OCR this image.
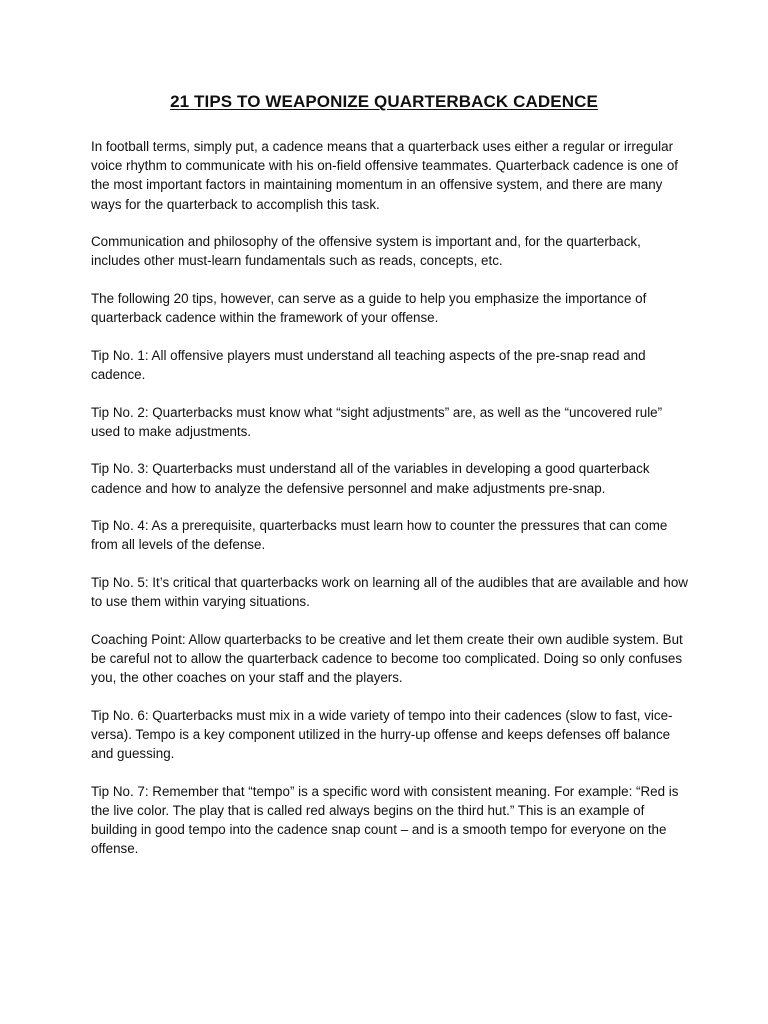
21 TIPS TO WEAPONIZE QUARTERBACK CADENCE

In football terms, simply put, a cadence means that a quarterback uses either a regular or irregular voice rhythm to communicate with his on-field offensive teammates. Quarterback cadence is one of the most important factors in maintaining momentum in an offensive system, and there are many ways for the quarterback to accomplish this task.

Communication and philosophy of the offensive system is important and, for the quarterback, includes other must-learn fundamentals such as reads, concepts, etc.

The following 20 tips, however, can serve as a guide to help you emphasize the importance of quarterback cadence within the framework of your offense.

Tip No. 1: All offensive players must understand all teaching aspects of the pre-snap read and cadence.

Tip No. 2: Quarterbacks must know what “sight adjustments” are, as well as the “uncovered rule” used to make adjustments.

Tip No. 3: Quarterbacks must understand all of the variables in developing a good quarterback cadence and how to analyze the defensive personnel and make adjustments pre-snap.

Tip No. 4: As a prerequisite, quarterbacks must learn how to counter the pressures that can come from all levels of the defense.

Tip No. 5: It’s critical that quarterbacks work on learning all of the audibles that are available and how to use them within varying situations.

Coaching Point: Allow quarterbacks to be creative and let them create their own audible system. But be careful not to allow the quarterback cadence to become too complicated. Doing so only confuses you, the other coaches on your staff and the players.

Tip No. 6: Quarterbacks must mix in a wide variety of tempo into their cadences (slow to fast, vice-versa). Tempo is a key component utilized in the hurry-up offense and keeps defenses off balance and guessing.

Tip No. 7: Remember that “tempo” is a specific word with consistent meaning. For example: “Red is the live color. The play that is called red always begins on the third hut.” This is an example of building in good tempo into the cadence snap count – and is a smooth tempo for everyone on the offense.
